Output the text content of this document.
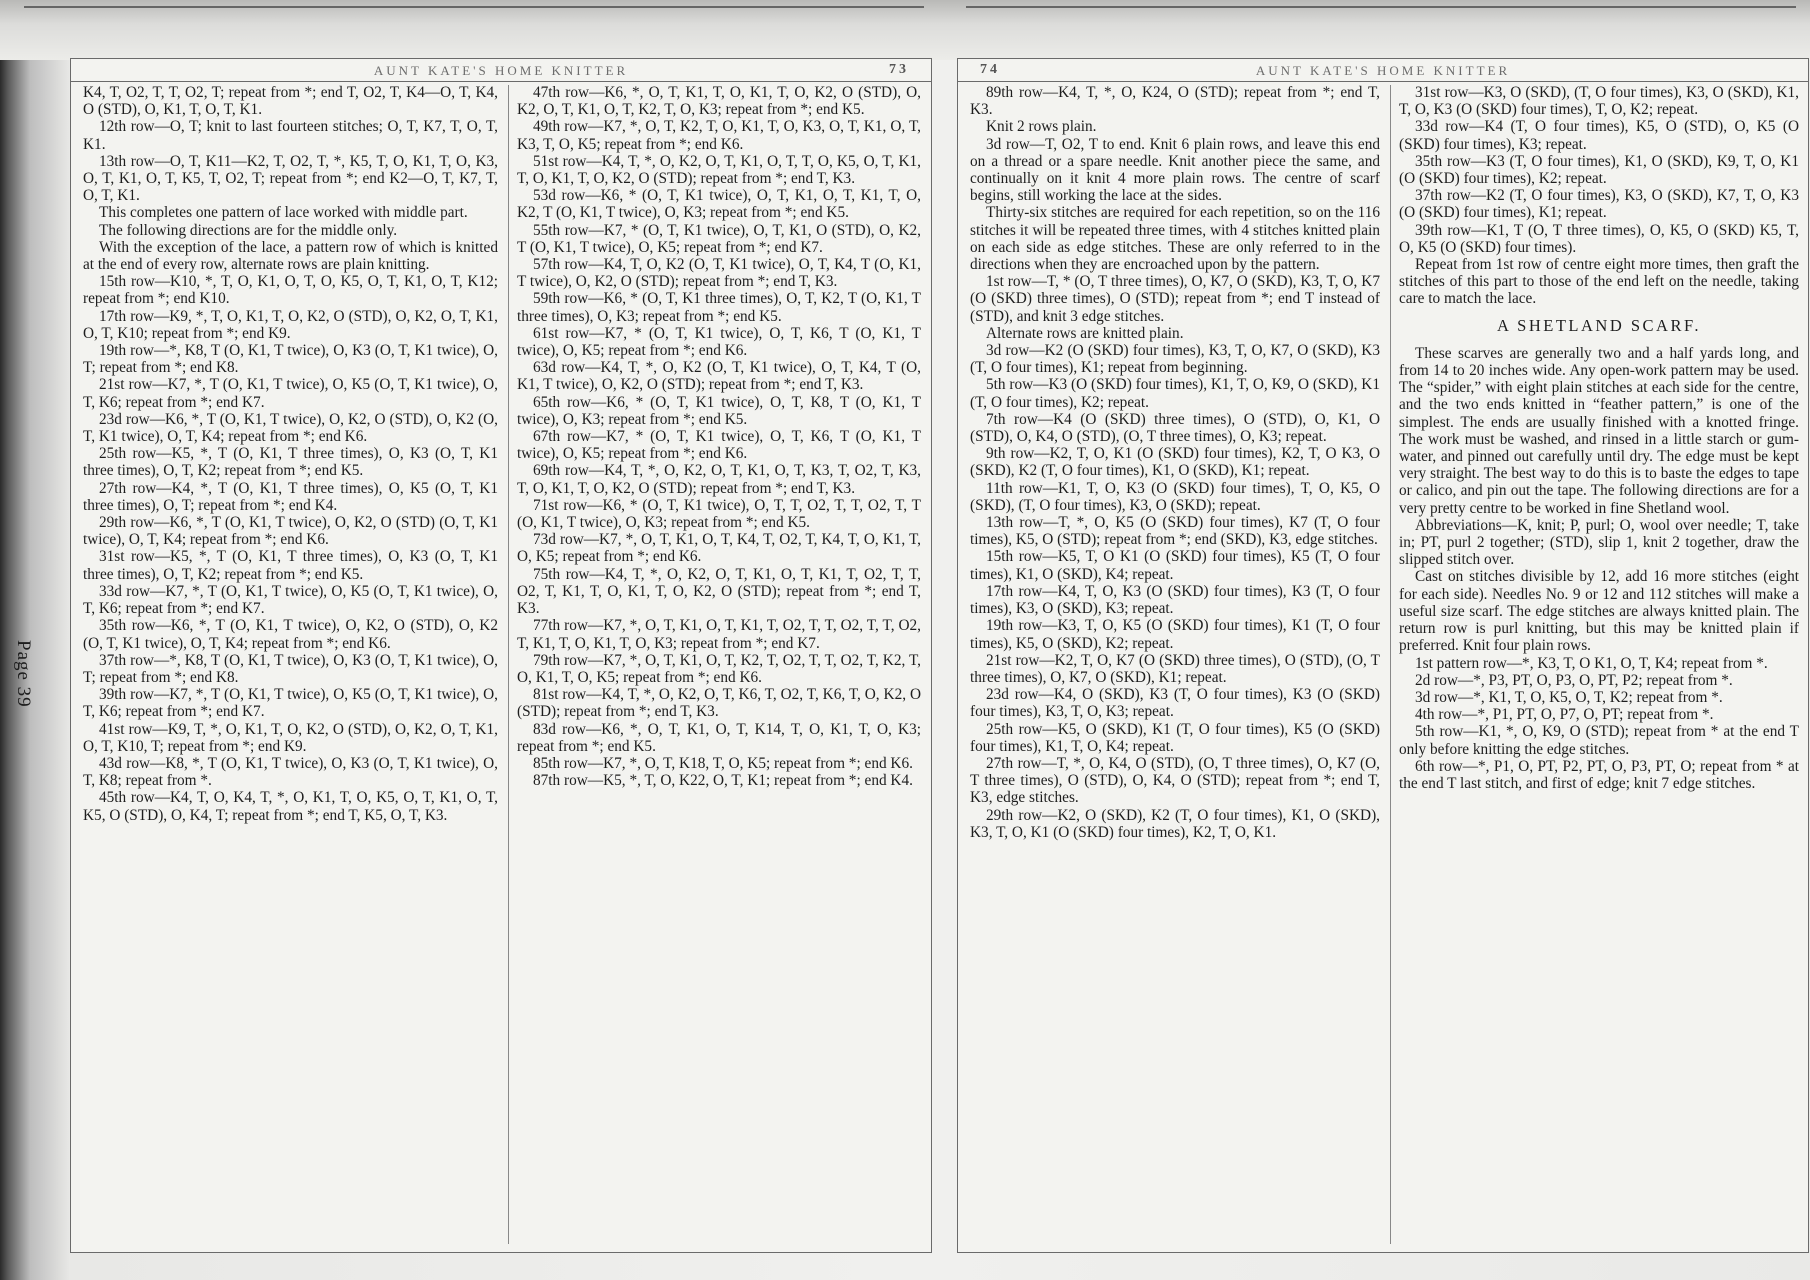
Page 39
AUNT KATE'S HOME KNITTER	73

K4, T, O2, T, T, O2, T; repeat from *; end T, O2, T, K4—O, T, K4, O (STD), O, K1, T, O, T, K1.

12th row—O, T; knit to last fourteen stitches; O, T, K7, T, O, T, K1.

13th row—O, T, K11—K2, T, O2, T, *, K5, T, O, K1, T, O, K3, O, T, K1, O, T, K5, T, O2, T; repeat from *; end K2—O, T, K7, T, O, T, K1.

This completes one pattern of lace worked with middle part.

The following directions are for the middle only.

With the exception of the lace, a pattern row of which is knitted at the end of every row, alternate rows are plain knitting.

15th row—K10, *, T, O, K1, O, T, O, K5, O, T, K1, O, T, K12; repeat from *; end K10.

17th row—K9, *, T, O, K1, T, O, K2, O (STD), O, K2, O, T, K1, O, T, K10; repeat from *; end K9.

19th row—*, K8, T (O, K1, T twice), O, K3 (O, T, K1 twice), O, T; repeat from *; end K8.

21st row—K7, *, T (O, K1, T twice), O, K5 (O, T, K1 twice), O, T, K6; repeat from *; end K7.

23d row—K6, *, T (O, K1, T twice), O, K2, O (STD), O, K2 (O, T, K1 twice), O, T, K4; repeat from *; end K6.

25th row—K5, *, T (O, K1, T three times), O, K3 (O, T, K1 three times), O, T, K2; repeat from *; end K5.

27th row—K4, *, T (O, K1, T three times), O, K5 (O, T, K1 three times), O, T; repeat from *; end K4.

29th row—K6, *, T (O, K1, T twice), O, K2, O (STD) (O, T, K1 twice), O, T, K4; repeat from *; end K6.

31st row—K5, *, T (O, K1, T three times), O, K3 (O, T, K1 three times), O, T, K2; repeat from *; end K5.

33d row—K7, *, T (O, K1, T twice), O, K5 (O, T, K1 twice), O, T, K6; repeat from *; end K7.

35th row—K6, *, T (O, K1, T twice), O, K2, O (STD), O, K2 (O, T, K1 twice), O, T, K4; repeat from *; end K6.

37th row—*, K8, T (O, K1, T twice), O, K3 (O, T, K1 twice), O, T; repeat from *; end K8.

39th row—K7, *, T (O, K1, T twice), O, K5 (O, T, K1 twice), O, T, K6; repeat from *; end K7.

41st row—K9, T, *, O, K1, T, O, K2, O (STD), O, K2, O, T, K1, O, T, K10, T; repeat from *; end K9.

43d row—K8, *, T (O, K1, T twice), O, K3 (O, T, K1 twice), O, T, K8; repeat from *.

45th row—K4, T, O, K4, T, *, O, K1, T, O, K5, O, T, K1, O, T, K5, O (STD), O, K4, T; repeat from *; end T, K5, O, T, K3.

47th row—K6, *, O, T, K1, T, O, K1, T, O, K2, O (STD), O, K2, O, T, K1, O, T, K2, T, O, K3; repeat from *; end K5.

49th row—K7, *, O, T, K2, T, O, K1, T, O, K3, O, T, K1, O, T, K3, T, O, K5; repeat from *; end K6.

51st row—K4, T, *, O, K2, O, T, K1, O, T, T, O, K5, O, T, K1, T, O, K1, T, O, K2, O (STD); repeat from *; end T, K3.

53d row—K6, * (O, T, K1 twice), O, T, K1, O, T, K1, T, O, K2, T (O, K1, T twice), O, K3; repeat from *; end K5.

55th row—K7, * (O, T, K1 twice), O, T, K1, O (STD), O, K2, T (O, K1, T twice), O, K5; repeat from *; end K7.

57th row—K4, T, O, K2 (O, T, K1 twice), O, T, K4, T (O, K1, T twice), O, K2, O (STD); repeat from *; end T, K3.

59th row—K6, * (O, T, K1 three times), O, T, K2, T (O, K1, T three times), O, K3; repeat from *; end K5.

61st row—K7, * (O, T, K1 twice), O, T, K6, T (O, K1, T twice), O, K5; repeat from *; end K6.

63d row—K4, T, *, O, K2 (O, T, K1 twice), O, T, K4, T (O, K1, T twice), O, K2, O (STD); repeat from *; end T, K3.

65th row—K6, * (O, T, K1 twice), O, T, K8, T (O, K1, T twice), O, K3; repeat from *; end K5.

67th row—K7, * (O, T, K1 twice), O, T, K6, T (O, K1, T twice), O, K5; repeat from *; end K6.

69th row—K4, T, *, O, K2, O, T, K1, O, T, K3, T, O2, T, K3, T, O, K1, T, O, K2, O (STD); repeat from *; end T, K3.

71st row—K6, * (O, T, K1 twice), O, T, T, O2, T, T, O2, T, T (O, K1, T twice), O, K3; repeat from *; end K5.

73d row—K7, *, O, T, K1, O, T, K4, T, O2, T, K4, T, O, K1, T, O, K5; repeat from *; end K6.

75th row—K4, T, *, O, K2, O, T, K1, O, T, K1, T, O2, T, T, O2, T, K1, T, O, K1, T, O, K2, O (STD); repeat from *; end T, K3.

77th row—K7, *, O, T, K1, O, T, K1, T, O2, T, T, O2, T, T, O2, T, K1, T, O, K1, T, O, K3; repeat from *; end K7.

79th row—K7, *, O, T, K1, O, T, K2, T, O2, T, T, O2, T, K2, T, O, K1, T, O, K5; repeat from *; end K6.

81st row—K4, T, *, O, K2, O, T, K6, T, O2, T, K6, T, O, K2, O (STD); repeat from *; end T, K3.

83d row—K6, *, O, T, K1, O, T, K14, T, O, K1, T, O, K3; repeat from *; end K5.

85th row—K7, *, O, T, K18, T, O, K5; repeat from *; end K6.

87th row—K5, *, T, O, K22, O, T, K1; repeat from *; end K4.

74	AUNT KATE'S HOME KNITTER

89th row—K4, T, *, O, K24, O (STD); repeat from *; end T, K3.

Knit 2 rows plain.

3d row—T, O2, T to end. Knit 6 plain rows, and leave this end on a thread or a spare needle. Knit another piece the same, and continually on it knit 4 more plain rows. The centre of scarf begins, still working the lace at the sides.

Thirty-six stitches are required for each repetition, so on the 116 stitches it will be repeated three times, with 4 stitches knitted plain on each side as edge stitches. These are only referred to in the directions when they are encroached upon by the pattern.

1st row—T, * (O, T three times), O, K7, O (SKD), K3, T, O, K7 (O (SKD) three times), O (STD); repeat from *; end T instead of (STD), and knit 3 edge stitches.

Alternate rows are knitted plain.

3d row—K2 (O (SKD) four times), K3, T, O, K7, O (SKD), K3 (T, O four times), K1; repeat from beginning.

5th row—K3 (O (SKD) four times), K1, T, O, K9, O (SKD), K1 (T, O four times), K2; repeat.

7th row—K4 (O (SKD) three times), O (STD), O, K1, O (STD), O, K4, O (STD), (O, T three times), O, K3; repeat.

9th row—K2, T, O, K1 (O (SKD) four times), K2, T, O K3, O (SKD), K2 (T, O four times), K1, O (SKD), K1; repeat.

11th row—K1, T, O, K3 (O (SKD) four times), T, O, K5, O (SKD), (T, O four times), K3, O (SKD); repeat.

13th row—T, *, O, K5 (O (SKD) four times), K7 (T, O four times), K5, O (STD); repeat from *; end (SKD), K3, edge stitches.

15th row—K5, T, O K1 (O (SKD) four times), K5 (T, O four times), K1, O (SKD), K4; repeat.

17th row—K4, T, O, K3 (O (SKD) four times), K3 (T, O four times), K3, O (SKD), K3; repeat.

19th row—K3, T, O, K5 (O (SKD) four times), K1 (T, O four times), K5, O (SKD), K2; repeat.

21st row—K2, T, O, K7 (O (SKD) three times), O (STD), (O, T three times), O, K7, O (SKD), K1; repeat.

23d row—K4, O (SKD), K3 (T, O four times), K3 (O (SKD) four times), K3, T, O, K3; repeat.

25th row—K5, O (SKD), K1 (T, O four times), K5 (O (SKD) four times), K1, T, O, K4; repeat.

27th row—T, *, O, K4, O (STD), (O, T three times), O, K7 (O, T three times), O (STD), O, K4, O (STD); repeat from *; end T, K3, edge stitches.

29th row—K2, O (SKD), K2 (T, O four times), K1, O (SKD), K3, T, O, K1 (O (SKD) four times), K2, T, O, K1.

31st row—K3, O (SKD), (T, O four times), K3, O (SKD), K1, T, O, K3 (O (SKD) four times), T, O, K2; repeat.

33d row—K4 (T, O four times), K5, O (STD), O, K5 (O (SKD) four times), K3; repeat.

35th row—K3 (T, O four times), K1, O (SKD), K9, T, O, K1 (O (SKD) four times), K2; repeat.

37th row—K2 (T, O four times), K3, O (SKD), K7, T, O, K3 (O (SKD) four times), K1; repeat.

39th row—K1, T (O, T three times), O, K5, O (SKD) K5, T, O, K5 (O (SKD) four times).

Repeat from 1st row of centre eight more times, then graft the stitches of this part to those of the end left on the needle, taking care to match the lace.

A SHETLAND SCARF.

These scarves are generally two and a half yards long, and from 14 to 20 inches wide. Any open-work pattern may be used. The “spider,” with eight plain stitches at each side for the centre, and the two ends knitted in “feather pattern,” is one of the simplest. The ends are usually finished with a knotted fringe. The work must be washed, and rinsed in a little starch or gum-water, and pinned out carefully until dry. The edge must be kept very straight. The best way to do this is to baste the edges to tape or calico, and pin out the tape. The following directions are for a very pretty centre to be worked in fine Shetland wool.

Abbreviations—K, knit; P, purl; O, wool over needle; T, take in; PT, purl 2 together; (STD), slip 1, knit 2 together, draw the slipped stitch over.

Cast on stitches divisible by 12, add 16 more stitches (eight for each side). Needles No. 9 or 12 and 112 stitches will make a useful size scarf. The edge stitches are always knitted plain. The return row is purl knitting, but this may be knitted plain if preferred. Knit four plain rows.

1st pattern row—*, K3, T, O K1, O, T, K4; repeat from *.

2d row—*, P3, PT, O, P3, O, PT, P2; repeat from *.

3d row—*, K1, T, O, K5, O, T, K2; repeat from *.

4th row—*, P1, PT, O, P7, O, PT; repeat from *.

5th row—K1, *, O, K9, O (STD); repeat from * at the end T only before knitting the edge stitches.

6th row—*, P1, O, PT, P2, PT, O, P3, PT, O; repeat from * at the end T last stitch, and first of edge; knit 7 edge stitches.
